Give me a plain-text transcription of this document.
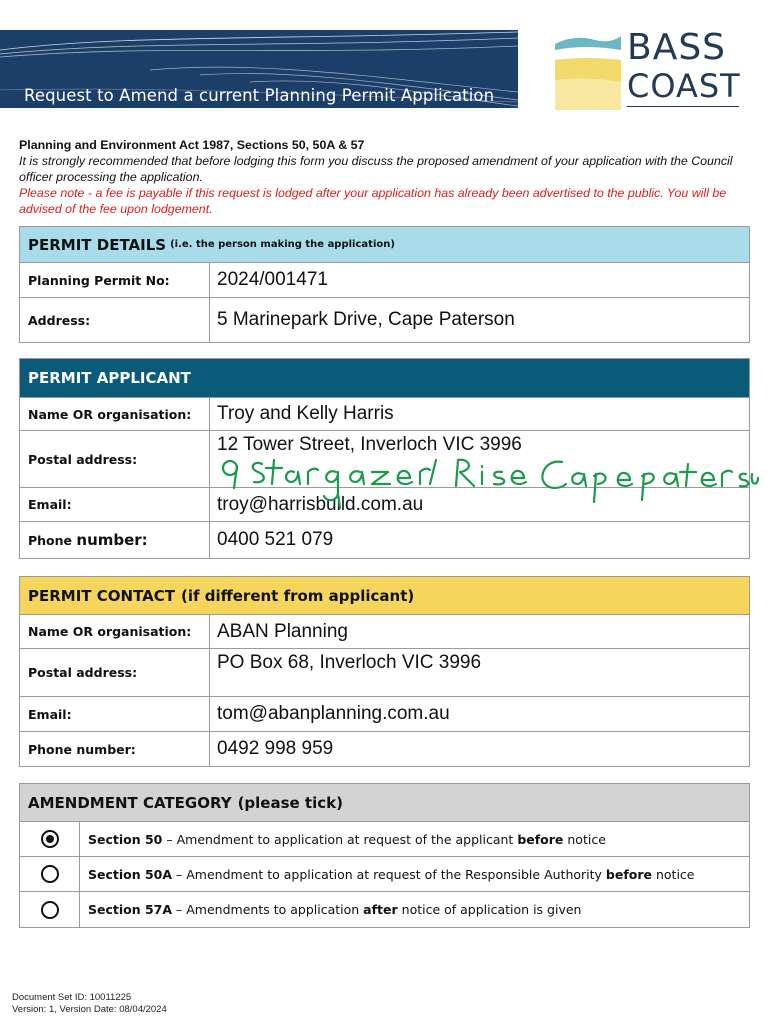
Request to Amend a current Planning Permit Application
BASS
COAST
Planning and Environment Act 1987, Sections 50, 50A & 57
It is strongly recommended that before lodging this form you discuss the proposed amendment of your application with the Council officer processing the application.
Please note - a fee is payable if this request is lodged after your application has already been advertised to the public. You will be advised of the fee upon lodgement.
PERMIT DETAILS (i.e. the person making the application)
Planning Permit No:	2024/001471
Address:	5 Marinepark Drive, Cape Paterson
PERMIT APPLICANT
Name OR organisation:	Troy and Kelly Harris
Postal address:
12 Tower Street, Inverloch VIC 3996
Email:	troy@harrisbuild.com.au
Phone
number:	0400 521 079
PERMIT CONTACT (if different from applicant)
Name OR organisation:	ABAN Planning
Postal address:	PO Box 68, Inverloch VIC 3996
Email:	tom@abanplanning.com.au
Phone number:	0492 998 959
AMENDMENT CATEGORY (please tick)
Section 50 – Amendment to application at request of the applicant before notice
Section 50A – Amendment to application at request of the Responsible Authority before notice
Section 57A – Amendments to application after notice of application is given
Document Set ID: 10011225
Version: 1, Version Date: 08/04/2024
